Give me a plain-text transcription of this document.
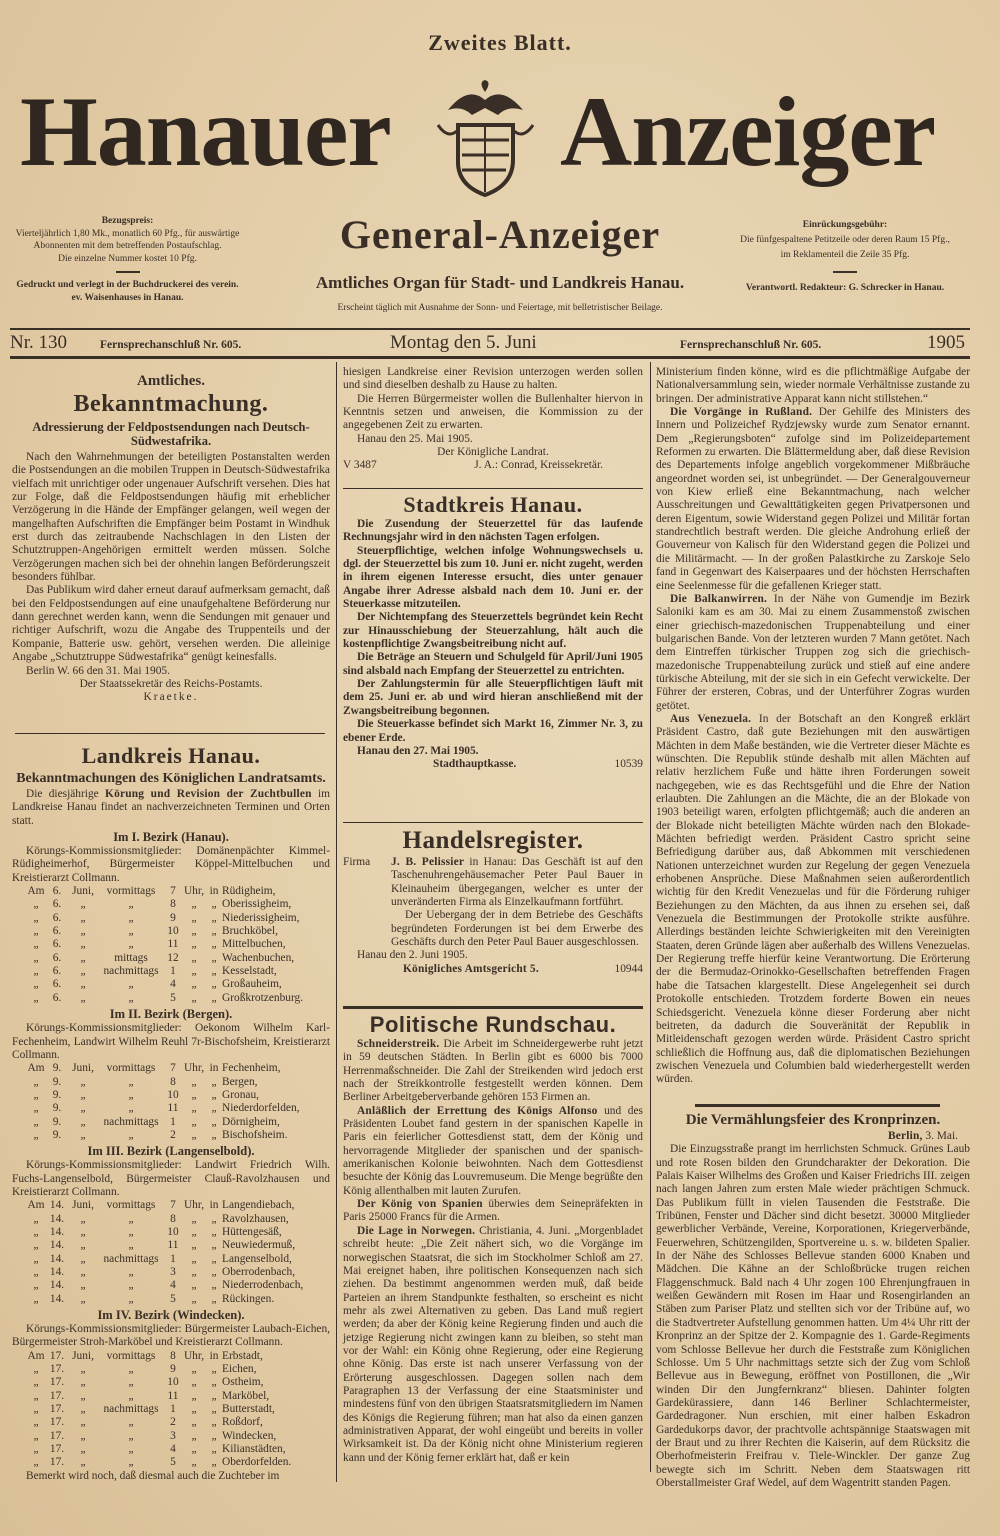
Zweites Blatt.
Hanauer Anzeiger
Bezugspreis:
Vierteljährlich 1,80 Mk., monatlich 60 Pfg., für auswärtige Abonnenten mit dem betreffenden Postaufschlag.
Die einzelne Nummer kostet 10 Pfg.
Gedruckt und verlegt in der Buchdruckerei des verein. ev. Waisenhauses in Hanau.
General-Anzeiger
Amtliches Organ für Stadt- und Landkreis Hanau.
Erscheint täglich mit Ausnahme der Sonn- und Feiertage, mit belletristischer Beilage.
Einrückungsgebühr:
Die fünfgespaltene Petitzeile oder deren Raum 15 Pfg.,
im Reklamenteil die Zeile 35 Pfg.
Verantwortl. Redakteur: G. Schrecker in Hanau.
Nr. 130	Fernsprechanschluß Nr. 605.	Montag den 5. Juni	Fernsprechanschluß Nr. 605.	1905
Amtliches.
Bekanntmachung.
Adressierung der Feldpostsendungen nach Deutsch-Südwestafrika.

Nach den Wahrnehmungen der beteiligten Postanstalten werden die Postsendungen an die mobilen Truppen in Deutsch-Südwestafrika vielfach mit unrichtiger oder ungenauer Aufschrift versehen. Dies hat zur Folge, daß die Feldpostsendungen häufig mit erheblicher Verzögerung in die Hände der Empfänger gelangen, weil wegen der mangelhaften Aufschriften die Empfänger beim Postamt in Windhuk erst durch das zeitraubende Nachschlagen in den Listen der Schutztruppen-Angehörigen ermittelt werden müssen. Solche Verzögerungen machen sich bei der ohnehin langen Beförderungszeit besonders fühlbar.

Das Publikum wird daher erneut darauf aufmerksam gemacht, daß bei den Feldpostsendungen auf eine unaufgehaltene Beförderung nur dann gerechnet werden kann, wenn die Sendungen mit genauer und richtiger Aufschrift, wozu die Angabe des Truppenteils und der Kompanie, Batterie usw. gehört, versehen werden. Die alleinige Angabe „Schutztruppe Südwestafrika“ genügt keinesfalls.

Berlin W. 66 den 31. Mai 1905.

Der Staatssekretär des Reichs-Postamts.
Kraetke.
Landkreis Hanau.
Bekanntmachungen des Königlichen Landratsamts.

Die diesjährige Körung und Revision der Zuchtbullen im Landkreise Hanau findet an nachverzeichneten Terminen und Orten statt.

Im I. Bezirk (Hanau).

Körungs-Kommissionsmitglieder: Domänenpächter Kimmel-Rüdigheimerhof, Bürgermeister Köppel-Mittelbuchen und Kreistierarzt Collmann.

Am 6. Juni,	vormittags	7 Uhr, in Rüdigheim,
„	6.	„	„	8	„	„ Oberissigheim,
„	6.	„	„	9	„	„ Niederissigheim,
„	6.	„	„	10	„	„ Bruchköbel,
„	6.	„	„	11	„	„ Mittelbuchen,
„	6.	„	mittags	12	„	„ Wachenbuchen,
„	6.	„	nachmittags	1	„	„ Kesselstadt,
„	6.	„	„	4	„	„ Großauheim,
„	6.	„	„	5	„	„ Großkrotzenburg.
Im II. Bezirk (Bergen).

Körungs-Kommissionsmitglieder: Oekonom Wilhelm Karl-Fechenheim, Landwirt Wilhelm Reuhl 7r-Bischofsheim, Kreistierarzt Collmann.

Am 9. Juni,	vormittags	7 Uhr, in Fechenheim,
„	9.	„	„	8	„	„ Bergen,
„	9.	„	„	10	„	„ Gronau,
„	9.	„	„	11	„	„ Niederdorfelden,
„	9.	„	nachmittags	1	„	„ Dörnigheim,
„	9.	„	„	2	„	„ Bischofsheim.
Im III. Bezirk (Langenselbold).

Körungs-Kommissionsmitglieder: Landwirt Friedrich Wilh. Fuchs-Langenselbold, Bürgermeister Clauß-Ravolzhausen und Kreistierarzt Collmann.

Am 14. Juni,	vormittags	7 Uhr, in Langendiebach,
„ 14.	„	„	8	„	„ Ravolzhausen,
„ 14.	„	„	10	„	„ Hüttengesäß,
„ 14.	„	„	11	„	„ Neuwiedermuß,
„ 14.	„	nachmittags	1	„	„ Langenselbold,
„ 14.	„	„	3	„	„ Oberrodenbach,
„ 14.	„	„	4	„	„ Niederrodenbach,
„ 14.	„	„	5	„	„ Rückingen.
Im IV. Bezirk (Windecken).

Körungs-Kommissionsmitglieder: Bürgermeister Laubach-Eichen, Bürgermeister Stroh-Marköbel und Kreistierarzt Collmann.

Am 17. Juni,	vormittags	8 Uhr, in Erbstadt,
„ 17.	„	„	9	„	„ Eichen,
„ 17.	„	„	10	„	„ Ostheim,
„ 17.	„	„	11	„	„ Marköbel,
„ 17.	„	nachmittags	1	„	„ Butterstadt,
„ 17.	„	„	2	„	„ Roßdorf,
„ 17.	„	„	3	„	„ Windecken,
„ 17.	„	„	4	„	„ Kilianstädten,
„ 17.	„	„	5	„	„ Oberdorfelden.

Bemerkt wird noch, daß diesmal auch die Zuchteber im

hiesigen Landkreise einer Revision unterzogen werden sollen und sind dieselben deshalb zu Hause zu halten.

Die Herren Bürgermeister wollen die Bullenhalter hiervon in Kenntnis setzen und anweisen, die Kommission zu der angegebenen Zeit zu erwarten.

Hanau den 25. Mai 1905.

Der Königliche Landrat.
V 3487	J. A.: Conrad, Kreissekretär.
Stadtkreis Hanau.

Die Zusendung der Steuerzettel für das laufende Rechnungsjahr wird in den nächsten Tagen erfolgen.

Steuerpflichtige, welchen infolge Wohnungswechsels u. dgl. der Steuerzettel bis zum 10. Juni er. nicht zugeht, werden in ihrem eigenen Interesse ersucht, dies unter genauer Angabe ihrer Adresse alsbald nach dem 10. Juni er. der Steuerkasse mitzuteilen.

Der Nichtempfang des Steuerzettels begründet kein Recht zur Hinausschiebung der Steuerzahlung, hält auch die kostenpflichtige Zwangsbeitreibung nicht auf.

Die Beträge an Steuern und Schulgeld für April/Juni 1905 sind alsbald nach Empfang der Steuerzettel zu entrichten.

Der Zahlungstermin für alle Steuerpflichtigen läuft mit dem 25. Juni er. ab und wird hieran anschließend mit der Zwangsbeitreibung begonnen.

Die Steuerkasse befindet sich Markt 16, Zimmer Nr. 3, zu ebener Erde.

Hanau den 27. Mai 1905.

Stadthauptkasse.	10539
Handelsregister.
Firma	J. B. Pelissier in Hanau: Das Geschäft ist auf den Taschenuhrengehäusemacher Peter Paul Bauer in Kleinauheim übergegangen, welcher es unter der unveränderten Firma als Einzelkaufmann fortführt.

Der Uebergang der in dem Betriebe des Geschäfts begründeten Forderungen ist bei dem Erwerbe des Geschäfts durch den Peter Paul Bauer ausgeschlossen.

Hanau den 2. Juni 1905.

Königliches Amtsgericht 5.	10944
Politische Rundschau.

Schneiderstreik. Die Arbeit im Schneidergewerbe ruht jetzt in 59 deutschen Städten. In Berlin gibt es 6000 bis 7000 Herrenmaßschneider. Die Zahl der Streikenden wird jedoch erst nach der Streikkontrolle festgestellt werden können. Dem Berliner Arbeitgeberverbande gehören 153 Firmen an.

Anläßlich der Errettung des Königs Alfonso und des Präsidenten Loubet fand gestern in der spanischen Kapelle in Paris ein feierlicher Gottesdienst statt, dem der König und hervorragende Mitglieder der spanischen und der spanisch-amerikanischen Kolonie beiwohnten. Nach dem Gottesdienst besuchte der König das Louvremuseum. Die Menge begrüßte den König allenthalben mit lauten Zurufen.

Der König von Spanien überwies dem Seinepräfekten in Paris 25000 Francs für die Armen.

Die Lage in Norwegen. Christiania, 4. Juni. „Morgenbladet schreibt heute: „Die Zeit nähert sich, wo die Vorgänge im norwegischen Staatsrat, die sich im Stockholmer Schloß am 27. Mai ereignet haben, ihre politischen Konsequenzen nach sich ziehen. Da bestimmt angenommen werden muß, daß beide Parteien an ihrem Standpunkte festhalten, so erscheint es nicht mehr als zwei Alternativen zu geben. Das Land muß regiert werden; da aber der König keine Regierung finden und auch die jetzige Regierung nicht zwingen kann zu bleiben, so steht man vor der Wahl: ein König ohne Regierung, oder eine Regierung ohne König. Das erste ist nach unserer Verfassung von der Erörterung ausgeschlossen. Dagegen sollen nach dem Paragraphen 13 der Verfassung der eine Staatsminister und mindestens fünf von den übrigen Staatsratsmitgliedern im Namen des Königs die Regierung führen; man hat also da einen ganzen administrativen Apparat, der wohl eingeübt und bereits in voller Wirksamkeit ist. Da der König nicht ohne Ministerium regieren kann und der König ferner erklärt hat, daß er kein

Ministerium finden könne, wird es die pflichtmäßige Aufgabe der Nationalversammlung sein, wieder normale Verhältnisse zustande zu bringen. Der administrative Apparat kann nicht stillstehen.“

Die Vorgänge in Rußland. Der Gehilfe des Ministers des Innern und Polizeichef Rydzjewsky wurde zum Senator ernannt. Dem „Regierungsboten“ zufolge sind im Polizeidepartement Reformen zu erwarten. Die Blättermeldung aber, daß diese Revision des Departements infolge angeblich vorgekommener Mißbräuche angeordnet worden sei, ist unbegründet. — Der Generalgouverneur von Kiew erließ eine Bekanntmachung, nach welcher Ausschreitungen und Gewalttätigkeiten gegen Privatpersonen und deren Eigentum, sowie Widerstand gegen Polizei und Militär fortan standrechtlich bestraft werden. Die gleiche Androhung erließ der Gouverneur von Kalisch für den Widerstand gegen die Polizei und die Militärmacht. — In der großen Palastkirche zu Zarskoje Selo fand in Gegenwart des Kaiserpaares und der höchsten Herrschaften eine Seelenmesse für die gefallenen Krieger statt.

Die Balkanwirren. In der Nähe von Gumendje im Bezirk Saloniki kam es am 30. Mai zu einem Zusammenstoß zwischen einer griechisch-mazedonischen Truppenabteilung und einer bulgarischen Bande. Von der letzteren wurden 7 Mann getötet. Nach dem Eintreffen türkischer Truppen zog sich die griechisch-mazedonische Truppenabteilung zurück und stieß auf eine andere türkische Abteilung, mit der sie sich in ein Gefecht verwickelte. Der Führer der ersteren, Cobras, und der Unterführer Zogras wurden getötet.

Aus Venezuela. In der Botschaft an den Kongreß erklärt Präsident Castro, daß gute Beziehungen mit den auswärtigen Mächten in dem Maße beständen, wie die Vertreter dieser Mächte es wünschten. Die Republik stünde deshalb mit allen Mächten auf relativ herzlichem Fuße und hätte ihren Forderungen soweit nachgegeben, wie es das Rechtsgefühl und die Ehre der Nation erlaubten. Die Zahlungen an die Mächte, die an der Blokade von 1903 beteiligt waren, erfolgten pflichtgemäß; auch die anderen an der Blokade nicht beteiligten Mächte würden nach den Blokade-Mächten befriedigt werden. Präsident Castro spricht seine Befriedigung darüber aus, daß Abkommen mit verschiedenen Nationen unterzeichnet wurden zur Regelung der gegen Venezuela erhobenen Ansprüche. Diese Maßnahmen seien außerordentlich wichtig für den Kredit Venezuelas und für die Förderung ruhiger Beziehungen zu den Mächten, da aus ihnen zu ersehen sei, daß Venezuela die Bestimmungen der Protokolle strikte ausführe. Allerdings beständen leichte Schwierigkeiten mit den Vereinigten Staaten, deren Gründe lägen aber außerhalb des Willens Venezuelas. Der Regierung treffe hierfür keine Verantwortung. Die Erörterung der die Bermudaz-Orinokko-Gesellschaften betreffenden Fragen habe die Tatsachen klargestellt. Diese Angelegenheit sei durch Protokolle entschieden. Trotzdem forderte Bowen ein neues Schiedsgericht. Venezuela könne dieser Forderung aber nicht beitreten, da dadurch die Souveränität der Republik in Mitleidenschaft gezogen werden würde. Präsident Castro spricht schließlich die Hoffnung aus, daß die diplomatischen Beziehungen zwischen Venezuela und Columbien bald wiederhergestellt werden würden.

Die Vermählungsfeier des Kronprinzen.
Berlin, 3. Mai.

Die Einzugsstraße prangt im herrlichsten Schmuck. Grünes Laub und rote Rosen bilden den Grundcharakter der Dekoration. Die Palais Kaiser Wilhelms des Großen und Kaiser Friedrichs III. zeigen nach langen Jahren zum ersten Male wieder prächtigen Schmuck. Das Publikum füllt in vielen Tausenden die Feststraße. Die Tribünen, Fenster und Dächer sind dicht besetzt. 30000 Mitglieder gewerblicher Verbände, Vereine, Korporationen, Kriegerverbände, Feuerwehren, Schützengilden, Sportvereine u. s. w. bildeten Spalier. In der Nähe des Schlosses Bellevue standen 6000 Knaben und Mädchen. Die Kähne an der Schloßbrücke trugen reichen Flaggenschmuck. Bald nach 4 Uhr zogen 100 Ehrenjungfrauen in weißen Gewändern mit Rosen im Haar und Rosengirlanden an Stäben zum Pariser Platz und stellten sich vor der Tribüne auf, wo die Stadtvertreter Aufstellung genommen hatten. Um 4¼ Uhr ritt der Kronprinz an der Spitze der 2. Kompagnie des 1. Garde-Regiments vom Schlosse Bellevue her durch die Feststraße zum Königlichen Schlosse. Um 5 Uhr nachmittags setzte sich der Zug vom Schloß Bellevue aus in Bewegung, eröffnet von Postillonen, die „Wir winden Dir den Jungfernkranz“ bliesen. Dahinter folgten Gardekürassiere, dann 146 Berliner Schlachtermeister, Gardedragoner. Nun erschien, mit einer halben Eskadron Gardedukorps davor, der prachtvolle achtspännige Staatswagen mit der Braut und zu ihrer Rechten die Kaiserin, auf dem Rücksitz die Oberhofmeisterin Freifrau v. Tiele-Winckler. Der ganze Zug bewegte sich im Schritt. Neben dem Staatswagen ritt Oberstallmeister Graf Wedel, auf dem Wagentritt standen Pagen.
